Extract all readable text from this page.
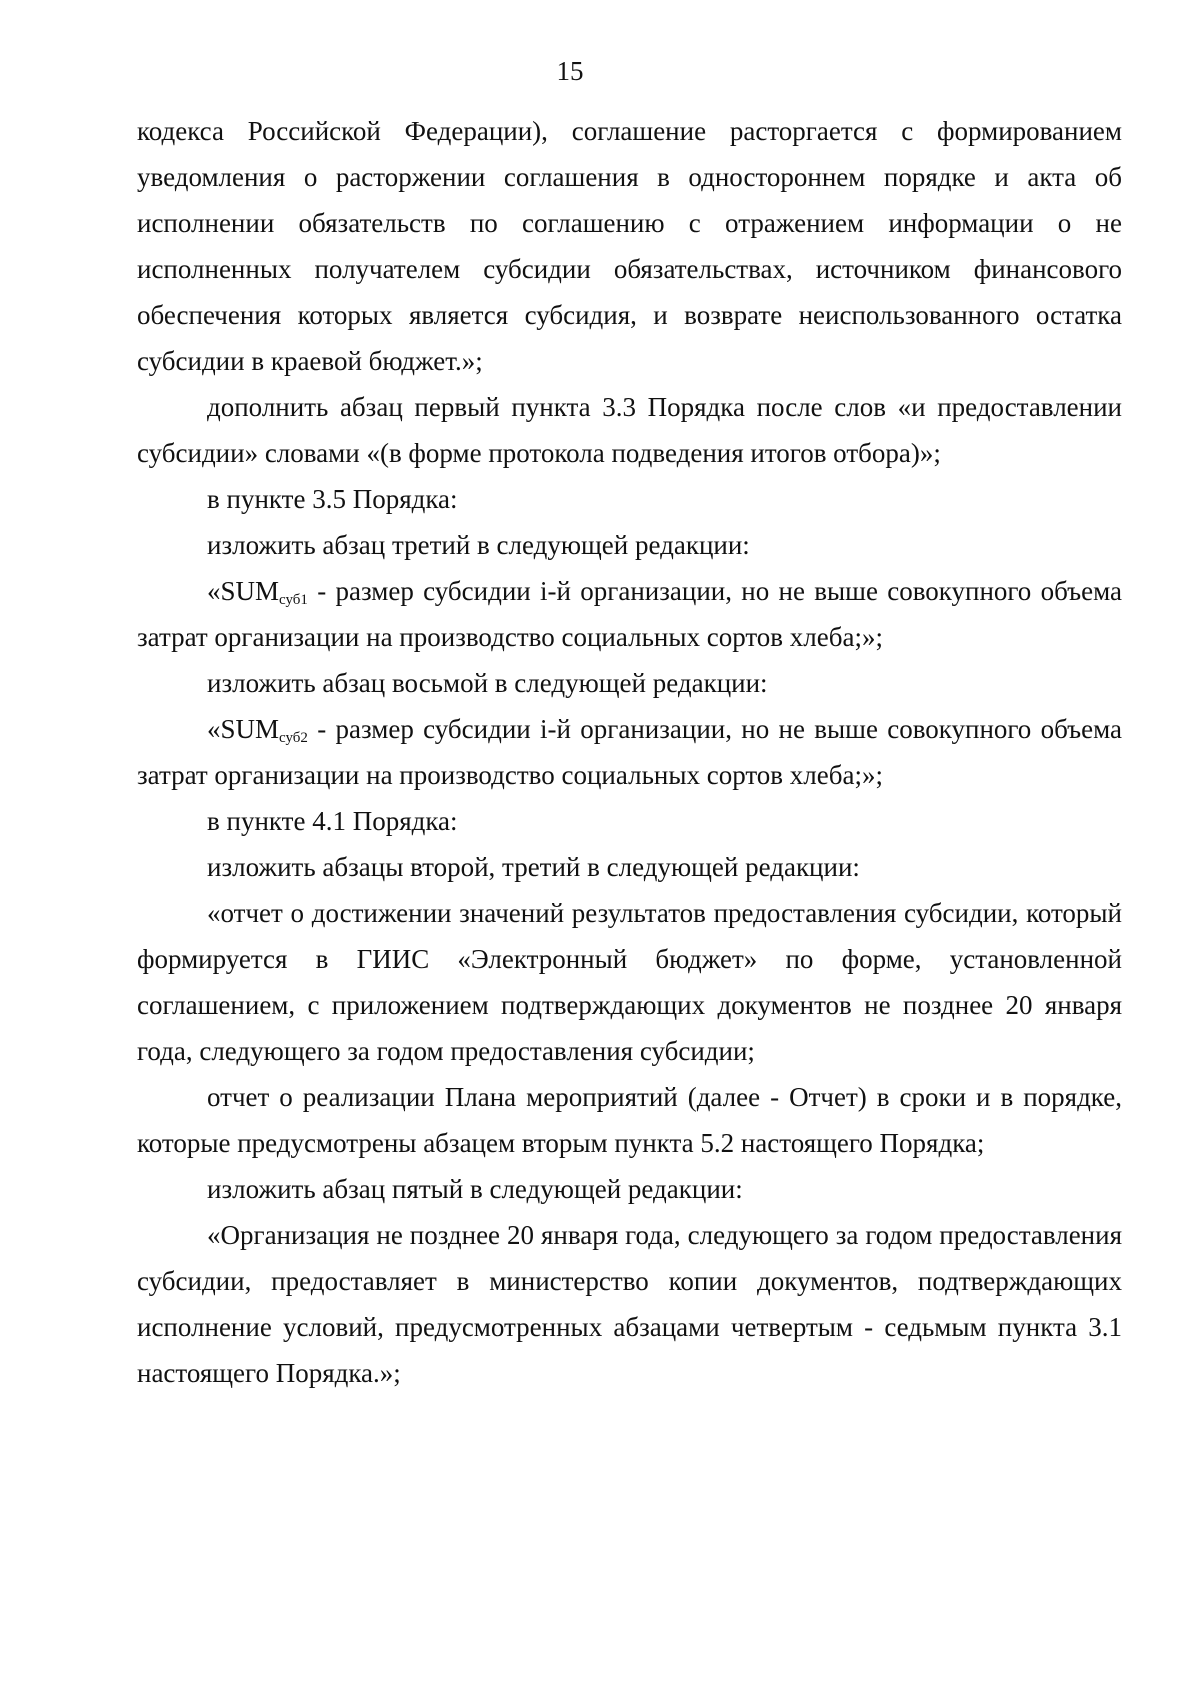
15

кодекса Российской Федерации), соглашение расторгается с формированием уведомления о расторжении соглашения в одностороннем порядке и акта об исполнении обязательств по соглашению с отражением информации о не исполненных получателем субсидии обязательствах, источником финансового обеспечения которых является субсидия, и возврате неиспользованного остатка субсидии в краевой бюджет.»;

дополнить абзац первый пункта 3.3 Порядка после слов «и предоставлении субсидии» словами «(в форме протокола подведения итогов отбора)»;

в пункте 3.5 Порядка:

изложить абзац третий в следующей редакции:

«$SUM_{суб1}$ - размер субсидии i-й организации, но не выше совокупного объема затрат организации на производство социальных сортов хлеба;»;

изложить абзац восьмой в следующей редакции:

«$SUM_{суб2}$ - размер субсидии i-й организации, но не выше совокупного объема затрат организации на производство социальных сортов хлеба;»;

в пункте 4.1 Порядка:

изложить абзацы второй, третий в следующей редакции:

«отчет о достижении значений результатов предоставления субсидии, который формируется в ГИИС «Электронный бюджет» по форме, установленной соглашением, с приложением подтверждающих документов не позднее 20 января года, следующего за годом предоставления субсидии;

отчет о реализации Плана мероприятий (далее - Отчет) в сроки и в порядке, которые предусмотрены абзацем вторым пункта 5.2 настоящего Порядка;

изложить абзац пятый в следующей редакции:

«Организация не позднее 20 января года, следующего за годом предоставления субсидии, предоставляет в министерство копии документов, подтверждающих исполнение условий, предусмотренных абзацами четвертым - седьмым пункта 3.1 настоящего Порядка.»;
